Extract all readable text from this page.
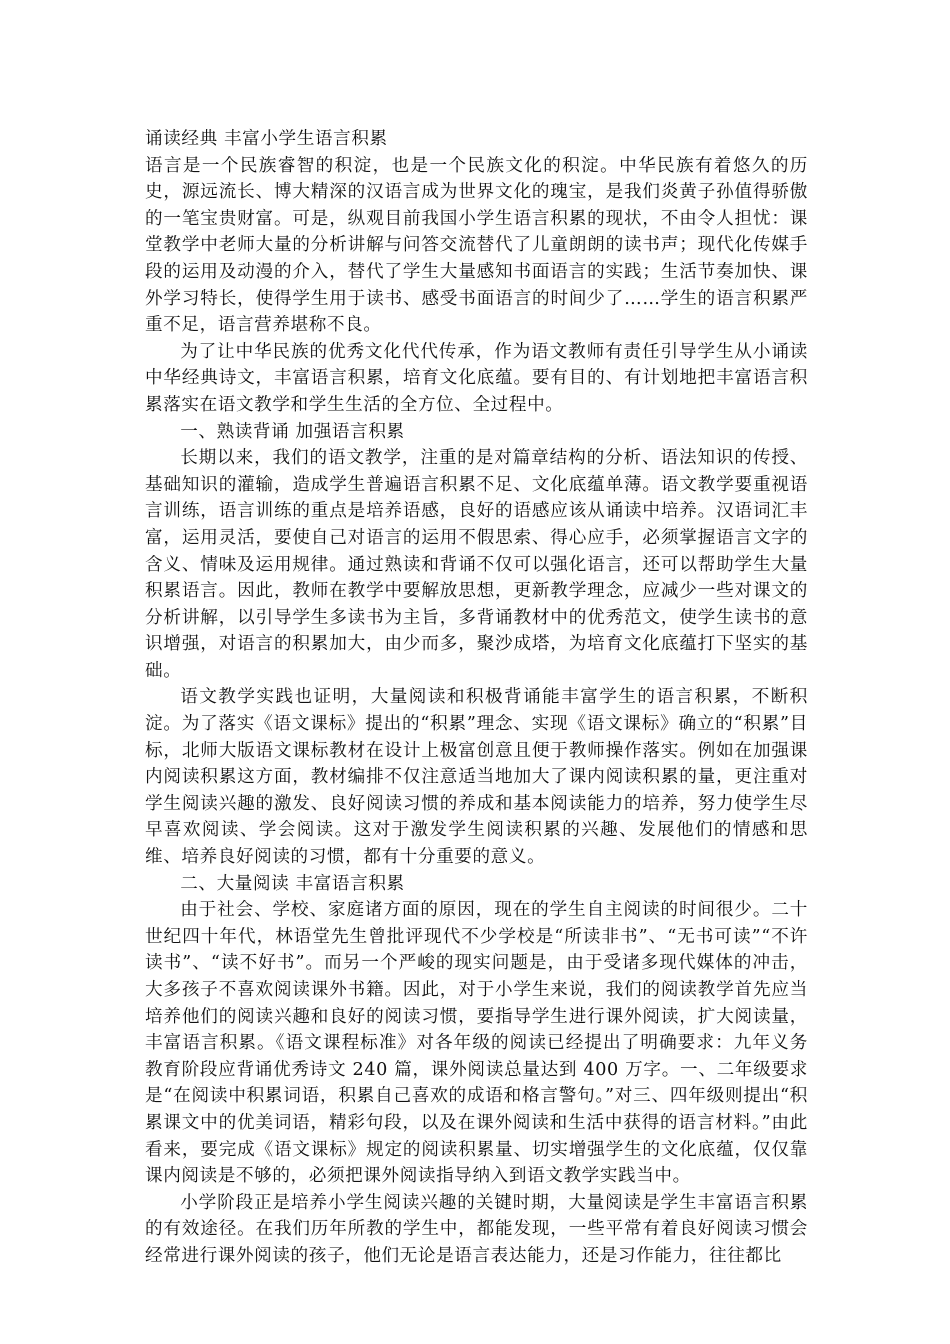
诵读经典 丰富小学生语言积累

语言是一个民族睿智的积淀，也是一个民族文化的积淀。中华民族有着悠久的历史，源远流长、博大精深的汉语言成为世界文化的瑰宝，是我们炎黄子孙值得骄傲的一笔宝贵财富。可是，纵观目前我国小学生语言积累的现状，不由令人担忧：课堂教学中老师大量的分析讲解与问答交流替代了儿童朗朗的读书声；现代化传媒手段的运用及动漫的介入，替代了学生大量感知书面语言的实践；生活节奏加快、课外学习特长，使得学生用于读书、感受书面语言的时间少了……学生的语言积累严重不足，语言营养堪称不良。

为了让中华民族的优秀文化代代传承，作为语文教师有责任引导学生从小诵读中华经典诗文，丰富语言积累，培育文化底蕴。要有目的、有计划地把丰富语言积累落实在语文教学和学生生活的全方位、全过程中。

一、熟读背诵 加强语言积累

长期以来，我们的语文教学，注重的是对篇章结构的分析、语法知识的传授、基础知识的灌输，造成学生普遍语言积累不足、文化底蕴单薄。语文教学要重视语言训练，语言训练的重点是培养语感，良好的语感应该从诵读中培养。汉语词汇丰富，运用灵活，要使自己对语言的运用不假思索、得心应手，必须掌握语言文字的含义、情味及运用规律。通过熟读和背诵不仅可以强化语言，还可以帮助学生大量积累语言。因此，教师在教学中要解放思想，更新教学理念，应减少一些对课文的分析讲解，以引导学生多读书为主旨，多背诵教材中的优秀范文，使学生读书的意识增强，对语言的积累加大，由少而多，聚沙成塔，为培育文化底蕴打下坚实的基础。

语文教学实践也证明，大量阅读和积极背诵能丰富学生的语言积累，不断积淀。为了落实《语文课标》提出的“积累”理念、实现《语文课标》确立的“积累”目标，北师大版语文课标教材在设计上极富创意且便于教师操作落实。例如在加强课内阅读积累这方面，教材编排不仅注意适当地加大了课内阅读积累的量，更注重对学生阅读兴趣的激发、良好阅读习惯的养成和基本阅读能力的培养，努力使学生尽早喜欢阅读、学会阅读。这对于激发学生阅读积累的兴趣、发展他们的情感和思维、培养良好阅读的习惯，都有十分重要的意义。

二、大量阅读 丰富语言积累

由于社会、学校、家庭诸方面的原因，现在的学生自主阅读的时间很少。二十世纪四十年代，林语堂先生曾批评现代不少学校是“所读非书”、“无书可读”“不许读书”、“读不好书”。而另一个严峻的现实问题是，由于受诸多现代媒体的冲击，大多孩子不喜欢阅读课外书籍。因此，对于小学生来说，我们的阅读教学首先应当培养他们的阅读兴趣和良好的阅读习惯，要指导学生进行课外阅读，扩大阅读量，丰富语言积累。《语文课程标准》对各年级的阅读已经提出了明确要求：九年义务教育阶段应背诵优秀诗文 240 篇，课外阅读总量达到 400 万字。一、二年级要求是“在阅读中积累词语，积累自己喜欢的成语和格言警句。”对三、四年级则提出“积累课文中的优美词语，精彩句段，以及在课外阅读和生活中获得的语言材料。”由此看来，要完成《语文课标》规定的阅读积累量、切实增强学生的文化底蕴，仅仅靠课内阅读是不够的，必须把课外阅读指导纳入到语文教学实践当中。

小学阶段正是培养小学生阅读兴趣的关键时期，大量阅读是学生丰富语言积累的有效途径。在我们历年所教的学生中，都能发现，一些平常有着良好阅读习惯会经常进行课外阅读的孩子，他们无论是语言表达能力，还是习作能力，往往都比
